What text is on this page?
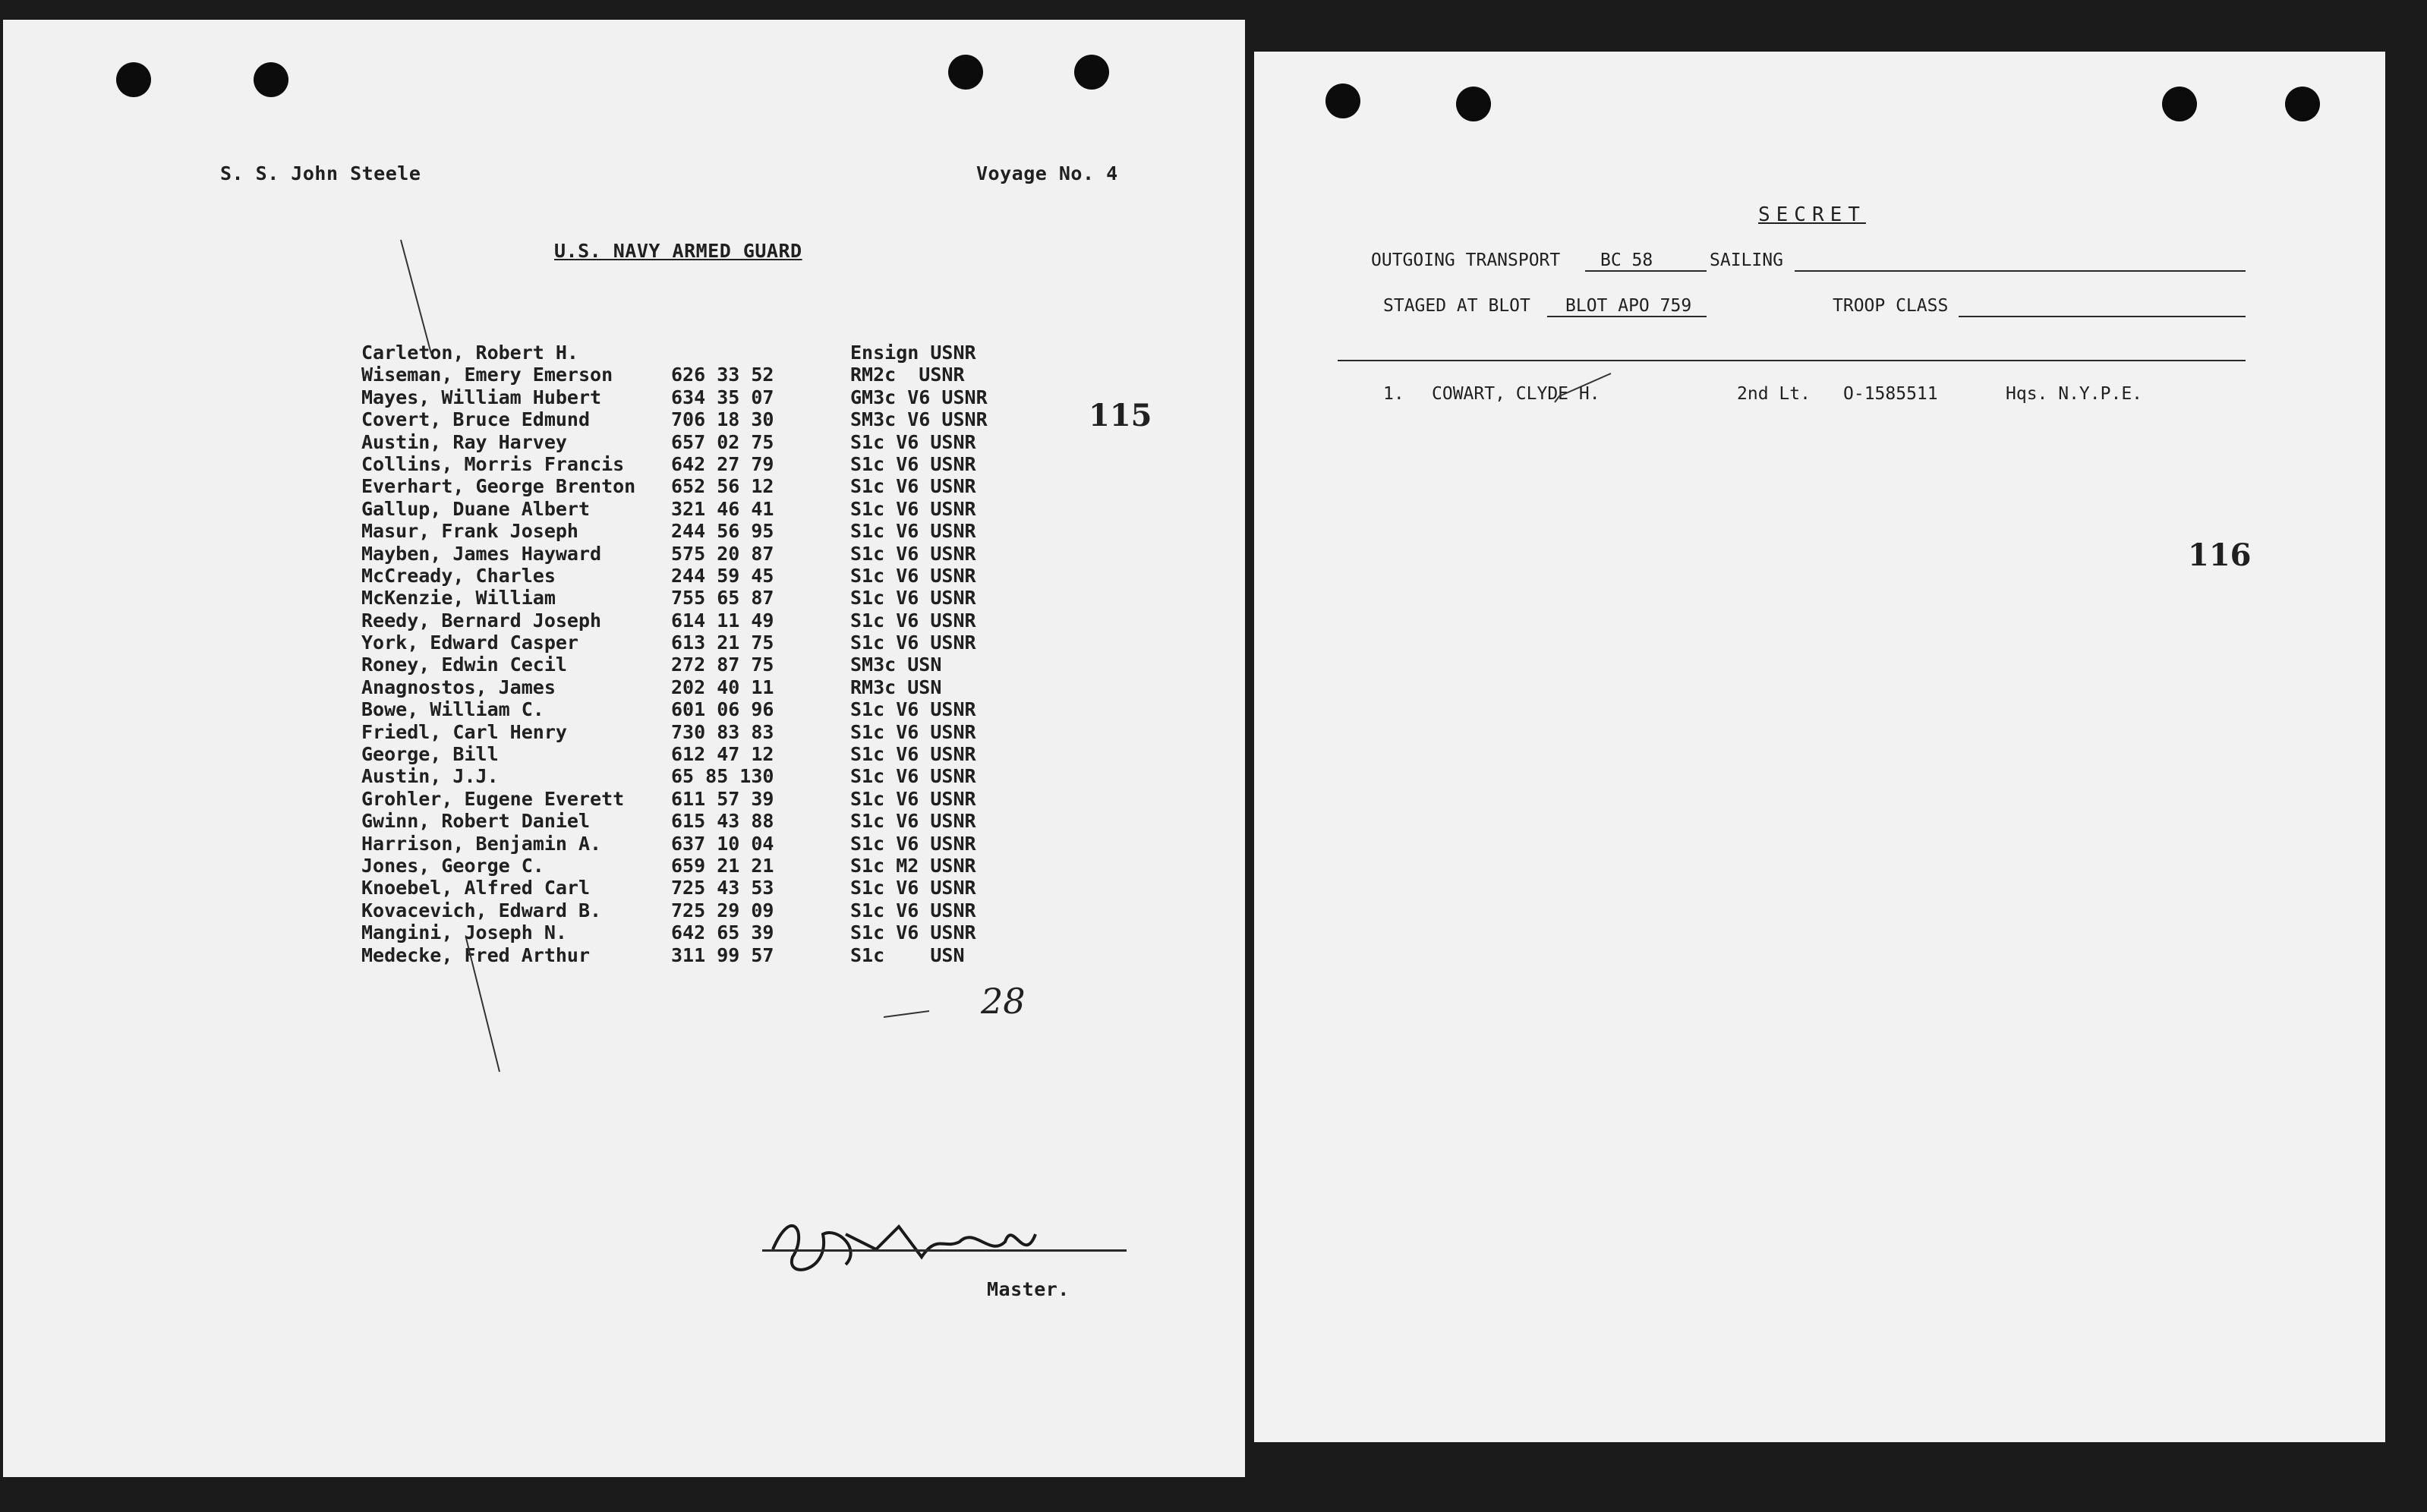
S. S. John Steele	Voyage No. 4
U.S. NAVY ARMED GUARD
Carleton, Robert H.	Ensign USNR
Wiseman, Emery Emerson	626 33 52	RM2c  USNR
Mayes, William Hubert	634 35 07	GM3c V6 USNR
Covert, Bruce Edmund	706 18 30	SM3c V6 USNR
Austin, Ray Harvey	657 02 75	S1c V6 USNR
Collins, Morris Francis 642 27 79	S1c V6 USNR
Everhart, George Brenton 652 56 12	S1c V6 USNR
Gallup, Duane Albert	321 46 41	S1c V6 USNR
Masur, Frank Joseph	244 56 95	S1c V6 USNR
Mayben, James Hayward	575 20 87	S1c V6 USNR
McCready, Charles	244 59 45	S1c V6 USNR
McKenzie, William	755 65 87	S1c V6 USNR
Reedy, Bernard Joseph	614 11 49	S1c V6 USNR
York, Edward Casper	613 21 75	S1c V6 USNR
Roney, Edwin Cecil	272 87 75	SM3c USN
Anagnostos, James	202 40 11	RM3c USN
Bowe, William C.	601 06 96	S1c V6 USNR
Friedl, Carl Henry	730 83 83	S1c V6 USNR
George, Bill	612 47 12	S1c V6 USNR
Austin, J.J.	65 85 130	S1c V6 USNR
Grohler, Eugene Everett 611 57 39	S1c V6 USNR
Gwinn, Robert Daniel	615 43 88	S1c V6 USNR
Harrison, Benjamin A.	637 10 04	S1c V6 USNR
Jones, George C.	659 21 21	S1c M2 USNR
Knoebel, Alfred Carl	725 43 53	S1c V6 USNR
Kovacevich, Edward B.	725 29 09	S1c V6 USNR
Mangini, Joseph N.	642 65 39	S1c V6 USNR
Medecke, Fred Arthur	311 99 57	S1c    USN
115
28
Master.
SECRET
OUTGOING TRANSPORT BC 58	SAILING
STAGED AT BLOT BLOT APO 759	TROOP CLASS
1. COWART, CLYDE H.	2nd Lt. O-1585511	Hqs. N.Y.P.E.
116
